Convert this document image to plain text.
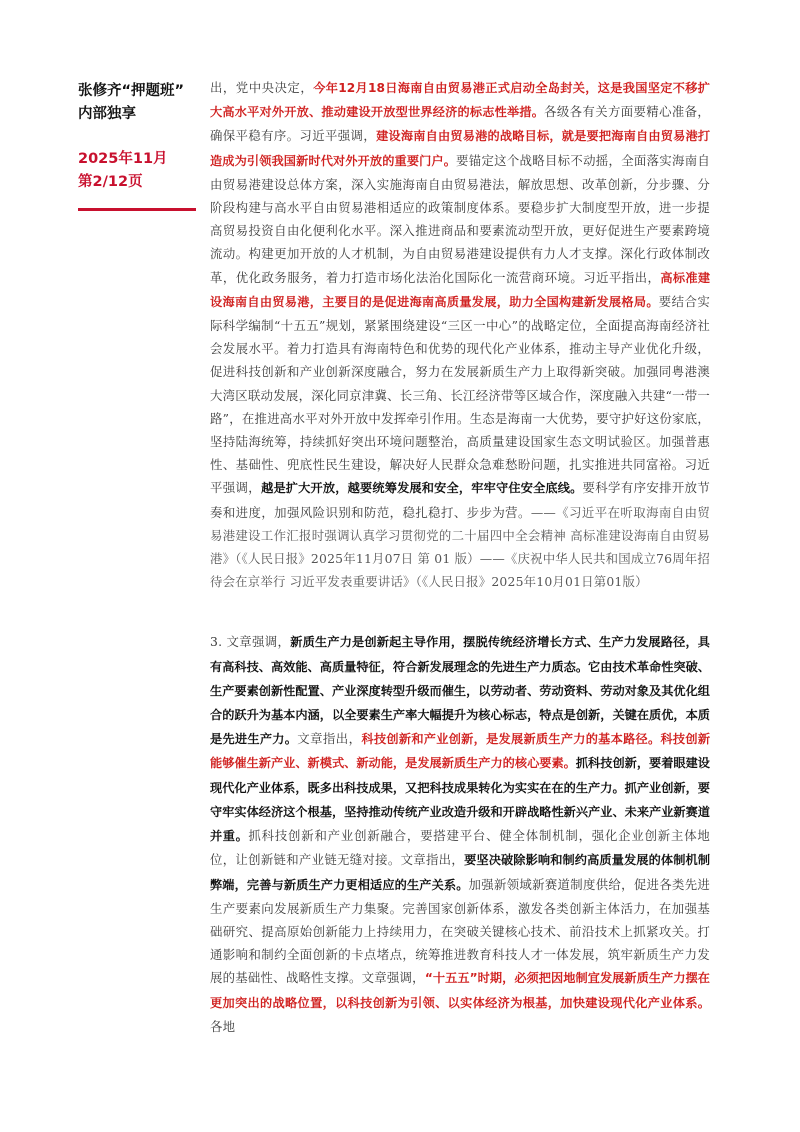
张修齐“押题班”
内部独享
2025年11月
第2/12页

出，党中央决定，今年12月18日海南自由贸易港正式启动全岛封关，这是我国坚定不移扩大高水平对外开放、推动建设开放型世界经济的标志性举措。各级各有关方面要精心准备，确保平稳有序。习近平强调，建设海南自由贸易港的战略目标，就是要把海南自由贸易港打造成为引领我国新时代对外开放的重要门户。要锚定这个战略目标不动摇，全面落实海南自由贸易港建设总体方案，深入实施海南自由贸易港法，解放思想、改革创新，分步骤、分阶段构建与高水平自由贸易港相适应的政策制度体系。要稳步扩大制度型开放，进一步提高贸易投资自由化便利化水平。深入推进商品和要素流动型开放，更好促进生产要素跨境流动。构建更加开放的人才机制，为自由贸易港建设提供有力人才支撑。深化行政体制改革，优化政务服务，着力打造市场化法治化国际化一流营商环境。习近平指出，高标准建设海南自由贸易港，主要目的是促进海南高质量发展，助力全国构建新发展格局。要结合实际科学编制“十五五”规划，紧紧围绕建设“三区一中心”的战略定位，全面提高海南经济社会发展水平。着力打造具有海南特色和优势的现代化产业体系，推动主导产业优化升级，促进科技创新和产业创新深度融合，努力在发展新质生产力上取得新突破。加强同粤港澳大湾区联动发展，深化同京津冀、长三角、长江经济带等区域合作，深度融入共建“一带一路”，在推进高水平对外开放中发挥牵引作用。生态是海南一大优势，要守护好这份家底，坚持陆海统筹，持续抓好突出环境问题整治，高质量建设国家生态文明试验区。加强普惠性、基础性、兜底性民生建设，解决好人民群众急难愁盼问题，扎实推进共同富裕。习近平强调，越是扩大开放，越要统筹发展和安全，牢牢守住安全底线。要科学有序安排开放节奏和进度，加强风险识别和防范，稳扎稳打、步步为营。——《习近平在听取海南自由贸易港建设工作汇报时强调认真学习贯彻党的二十届四中全会精神 高标准建设海南自由贸易港》（《人民日报》2025年11月07日 第 01 版）——《庆祝中华人民共和国成立76周年招待会在京举行 习近平发表重要讲话》（《人民日报》2025年10月01日第01版）

3. 文章强调，新质生产力是创新起主导作用，摆脱传统经济增长方式、生产力发展路径，具有高科技、高效能、高质量特征，符合新发展理念的先进生产力质态。它由技术革命性突破、生产要素创新性配置、产业深度转型升级而催生，以劳动者、劳动资料、劳动对象及其优化组合的跃升为基本内涵，以全要素生产率大幅提升为核心标志，特点是创新，关键在质优，本质是先进生产力。文章指出，科技创新和产业创新，是发展新质生产力的基本路径。科技创新能够催生新产业、新模式、新动能，是发展新质生产力的核心要素。抓科技创新，要着眼建设现代化产业体系，既多出科技成果，又把科技成果转化为实实在在的生产力。抓产业创新，要守牢实体经济这个根基，坚持推动传统产业改造升级和开辟战略性新兴产业、未来产业新赛道并重。抓科技创新和产业创新融合，要搭建平台、健全体制机制，强化企业创新主体地位，让创新链和产业链无缝对接。文章指出，要坚决破除影响和制约高质量发展的体制机制弊端，完善与新质生产力更相适应的生产关系。加强新领域新赛道制度供给，促进各类先进生产要素向发展新质生产力集聚。完善国家创新体系，激发各类创新主体活力，在加强基础研究、提高原始创新能力上持续用力，在突破关键核心技术、前沿技术上抓紧攻关。打通影响和制约全面创新的卡点堵点，统筹推进教育科技人才一体发展，筑牢新质生产力发展的基础性、战略性支撑。文章强调，“十五五”时期，必须把因地制宜发展新质生产力摆在更加突出的战略位置，以科技创新为引领、以实体经济为根基，加快建设现代化产业体系。各地
